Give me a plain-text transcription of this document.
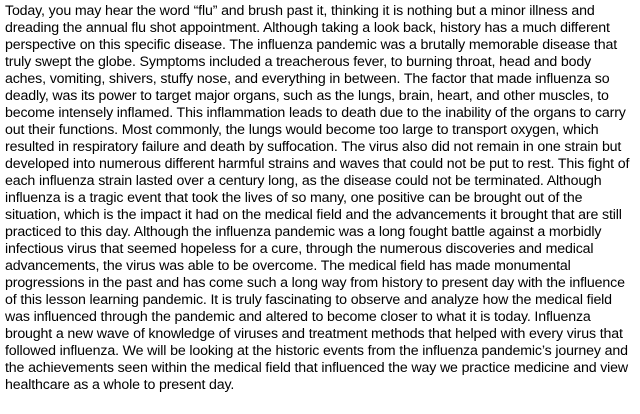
Today, you may hear the word “flu” and brush past it, thinking it is nothing but a minor illness and dreading the annual flu shot appointment. Although taking a look back, history has a much different perspective on this specific disease. The influenza pandemic was a brutally memorable disease that truly swept the globe. Symptoms included a treacherous fever, to burning throat, head and body aches, vomiting, shivers, stuffy nose, and everything in between. The factor that made influenza so deadly, was its power to target major organs, such as the lungs, brain, heart, and other muscles, to become intensely inflamed. This inflammation leads to death due to the inability of the organs to carry out their functions. Most commonly, the lungs would become too large to transport oxygen, which resulted in respiratory failure and death by suffocation. The virus also did not remain in one strain but developed into numerous different harmful strains and waves that could not be put to rest. This fight of each influenza strain lasted over a century long, as the disease could not be terminated. Although influenza is a tragic event that took the lives of so many, one positive can be brought out of the situation, which is the impact it had on the medical field and the advancements it brought that are still practiced to this day. Although the influenza pandemic was a long fought battle against a morbidly infectious virus that seemed hopeless for a cure, through the numerous discoveries and medical advancements, the virus was able to be overcome. The medical field has made monumental progressions in the past and has come such a long way from history to present day with the influence of this lesson learning pandemic. It is truly fascinating to observe and analyze how the medical field was influenced through the pandemic and altered to become closer to what it is today. Influenza brought a new wave of knowledge of viruses and treatment methods that helped with every virus that followed influenza. We will be looking at the historic events from the influenza pandemic’s journey and the achievements seen within the medical field that influenced the way we practice medicine and view healthcare as a whole to present day.
